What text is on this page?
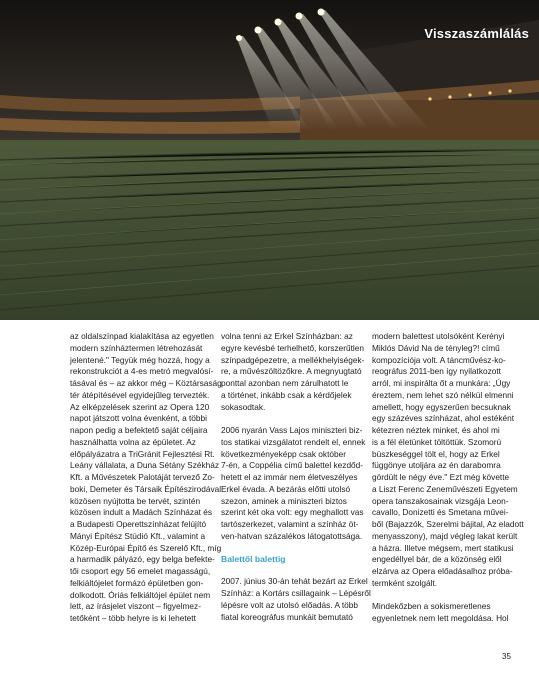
Visszaszámlálás
az oldalszínpad kialakítása az egyetlen
modern színháztermen létrehozását
jelentené." Tegyük még hozzá, hogy a
rekonstrukciót a 4-es metró megvalósí-
tásával és – az akkor még – Köztársaság
tér átépítésével egyidejűleg tervezték.
Az elképzelések szerint az Opera 120
napot játszott volna évenként, a többi
napon pedig a befektető saját céljaira
használhatta volna az épületet. Az
előpályázatra a TriGránit Fejlesztési Rt.
Leány vállalata, a Duna Sétány Székház
Kft. a Művészetek Palotáját tervező Zo-
boki, Demeter és Társaik Építészirodával
közösen nyújtotta be tervét, szintén
közösen indult a Madách Színházat és
a Budapesti Operettszínházat felújító
Mányi Építész Stúdió Kft., valamint a
Közép-Európai Építő és Szerelő Kft., míg
a harmadik pályázó, egy belga befekte-
tői csoport egy 56 emelet magasságú,
felkiáltójelet formázó épületben gon-
dolkodott. Óriás felkiáltójel épület nem
lett, az írásjelet viszont – figyelmez-
tetőként – több helyre is ki lehetett
volna tenni az Erkel Színházban: az
egyre kevésbé terhelhető, korszerűtlen
színpadgépezetre, a mellékhelyiségek-
re, a művészöltözőkre. A megnyugtató
ponttal azonban nem zárulhatott le
a történet, inkább csak a kérdőjelek
sokasodtak.
2006 nyarán Vass Lajos miniszteri biz-
tos statikai vizsgálatot rendelt el, ennek
következményeképp csak október
7-én, a Coppélia című balettel kezdőd-
hetett el az immár nem életveszélyes
Erkel évada. A bezárás előtti utolsó
szezon, aminek a miniszteri biztos
szerint két oka volt: egy meghallott vas
tartószerkezet, valamint a színház öt-
ven-hatvan százalékos látogatottsága.

Balettől balettig

2007. június 30-án tehát bezárt az Erkel
Színház: a Kortárs csillagaink – Lépésről
lépésre volt az utolsó előadás. A több
fiatal koreográfus munkáit bemutató
modern balettest utolsóként Kerényi
Miklós Dávid Na de tényleg?! című
kompozíciója volt. A táncművész-ko-
reográfus 2011-ben így nyilatkozott
arról, mi inspirálta őt a munkára: „Úgy
éreztem, nem lehet szó nélkül elmenni
amellett, hogy egyszerűen becsuknak
egy százéves színházat, ahol estéként
kétezren néztek minket, és ahol mi
is a fél életünket töltöttük. Szomorú
büszkeséggel tölt el, hogy az Erkel
függönye utoljára az én darabomra
gördült le négy éve." Ezt még követte
a Liszt Ferenc Zeneművészeti Egyetem
opera tanszakosainak vizsgája Leon-
cavallo, Donizetti és Smetana művei-
ből (Bajazzók, Szerelmi bájital, Az eladott
menyasszony), majd végleg lakat került
a házra. Illetve mégsem, mert statikusi
engedéllyel bár, de a közönség elől
elzárva az Opera előadásalhoz próba-
termként szolgált.
Mindekőzben a sokismeretlenes
egyenletnek nem lett megoldása. Hol
35
